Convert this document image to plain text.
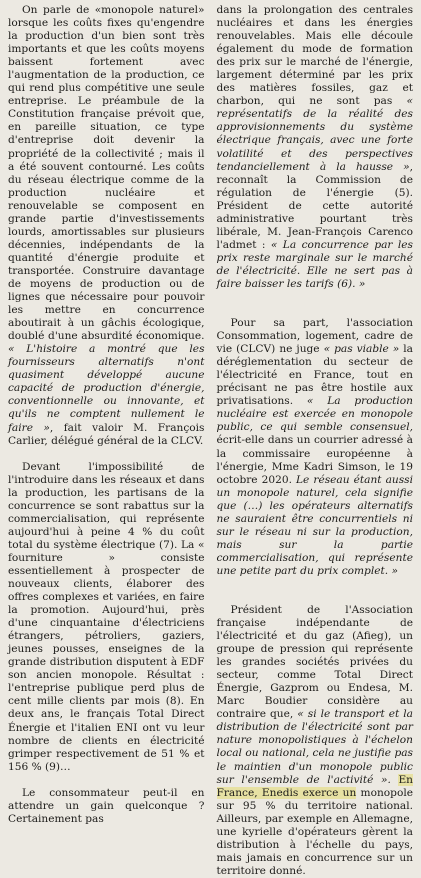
On parle de «monopole naturel» lorsque les coûts fixes qu'engendre la production d'un bien sont très importants et que les coûts moyens baissent fortement avec l'augmentation de la production, ce qui rend plus compétitive une seule entreprise. Le préambule de la Constitution française prévoit que, en pareille situation, ce type d'entreprise doit devenir la propriété de la collectivité ; mais il a été souvent contourné. Les coûts du réseau électrique comme de la production nucléaire et renouvelable se composent en grande partie d'investissements lourds, amortissables sur plusieurs décennies, indépendants de la quantité d'énergie produite et transportée. Construire davantage de moyens de production ou de lignes que nécessaire pour pouvoir les mettre en concurrence aboutirait à un gâchis écologique, doublé d'une absurdité économique. « L'histoire a montré que les fournisseurs alternatifs n'ont quasiment développé aucune capacité de production d'énergie, conventionnelle ou innovante, et qu'ils ne comptent nullement le faire », fait valoir M. François Carlier, délégué général de la CLCV.

Devant l'impossibilité de l'introduire dans les réseaux et dans la production, les partisans de la concurrence se sont rabattus sur la commercialisation, qui représente aujourd'hui à peine 4 % du coût total du système électrique (7). La « fourniture » consiste essentiellement à prospecter de nouveaux clients, élaborer des offres complexes et variées, en faire la promotion. Aujourd'hui, près d'une cinquantaine d'électriciens étrangers, pétroliers, gaziers, jeunes pousses, enseignes de la grande distribution disputent à EDF son ancien monopole. Résultat : l'entreprise publique perd plus de cent mille clients par mois (8). En deux ans, le français Total Direct Énergie et l'italien ENI ont vu leur nombre de clients en électricité grimper respectivement de 51 % et 156 % (9)…

Le consommateur peut-il en attendre un gain quelconque ? Certainement pas

dans la prolongation des centrales nucléaires et dans les énergies renouvelables. Mais elle découle également du mode de formation des prix sur le marché de l'énergie, largement déterminé par les prix des matières fossiles, gaz et charbon, qui ne sont pas « représentatifs de la réalité des approvisionnements du système électrique français, avec une forte volatilité et des perspectives tendanciellement à la hausse », reconnaît la Commission de régulation de l'énergie (5). Président de cette autorité administrative pourtant très libérale, M. Jean-François Carenco l'admet : « La concurrence par les prix reste marginale sur le marché de l'électricité. Elle ne sert pas à faire baisser les tarifs (6). »

Pour sa part, l'association Consommation, logement, cadre de vie (CLCV) ne juge « pas viable » la déréglementation du secteur de l'électricité en France, tout en précisant ne pas être hostile aux privatisations. « La production nucléaire est exercée en monopole public, ce qui semble consensuel, écrit-elle dans un courrier adressé à la commissaire européenne à l'énergie, Mme Kadri Simson, le 19 octobre 2020. Le réseau étant aussi un monopole naturel, cela signifie que (…) les opérateurs alternatifs ne sauraient être concurrentiels ni sur le réseau ni sur la production, mais sur la partie commercialisation, qui représente une petite part du prix complet. »

Président de l'Association française indépendante de l'électricité et du gaz (Afieg), un groupe de pression qui représente les grandes sociétés privées du secteur, comme Total Direct Énergie, Gazprom ou Endesa, M. Marc Boudier considère au contraire que, « si le transport et la distribution de l'électricité sont par nature monopolistiques à l'échelon local ou national, cela ne justifie pas le maintien d'un monopole public sur l'ensemble de l'activité ». En France, Enedis exerce un monopole sur 95 % du territoire national. Ailleurs, par exemple en Allemagne, une kyrielle d'opérateurs gèrent la distribution à l'échelle du pays, mais jamais en concurrence sur un territoire donné.
